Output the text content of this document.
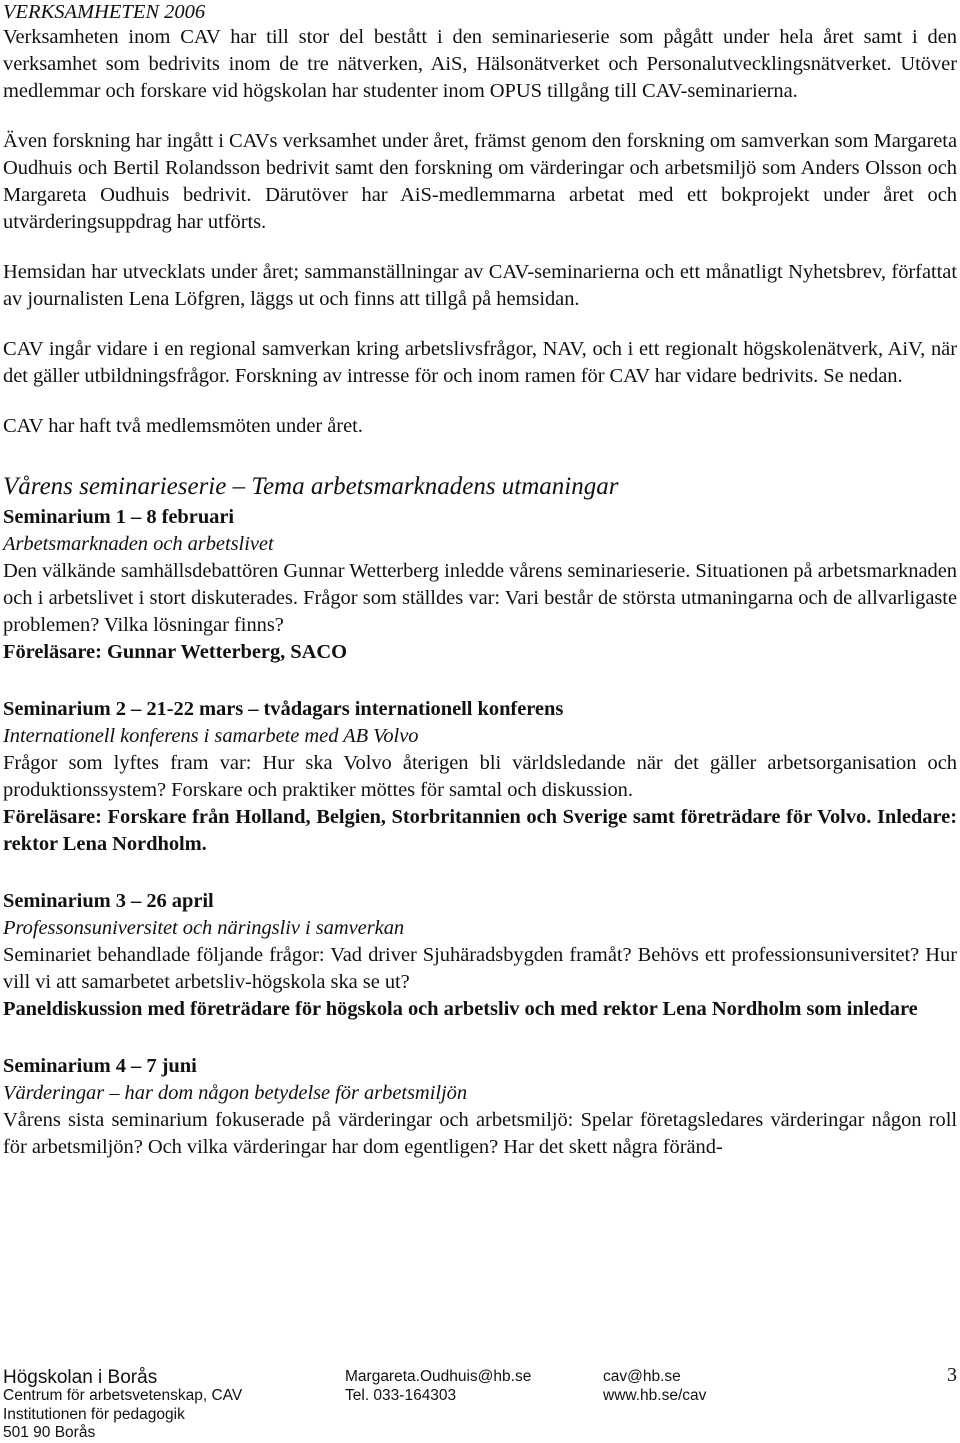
VERKSAMHETEN 2006

Verksamheten inom CAV har till stor del bestått i den seminarieserie som pågått under hela året samt i den verksamhet som bedrivits inom de tre nätverken, AiS, Hälsonätverket och Personalutvecklingsnätverket. Utöver medlemmar och forskare vid högskolan har studenter inom OPUS tillgång till CAV-seminarierna.

Även forskning har ingått i CAVs verksamhet under året, främst genom den forskning om samverkan som Margareta Oudhuis och Bertil Rolandsson bedrivit samt den forskning om värderingar och arbetsmiljö som Anders Olsson och Margareta Oudhuis bedrivit. Därutöver har AiS-medlemmarna arbetat med ett bokprojekt under året och utvärderingsuppdrag har utförts.

Hemsidan har utvecklats under året; sammanställningar av CAV-seminarierna och ett månatligt Nyhetsbrev, författat av journalisten Lena Löfgren, läggs ut och finns att tillgå på hemsidan.

CAV ingår vidare i en regional samverkan kring arbetslivsfrågor, NAV, och i ett regionalt högskolenätverk, AiV, när det gäller utbildningsfrågor. Forskning av intresse för och inom ramen för CAV har vidare bedrivits. Se nedan.

CAV har haft två medlemsmöten under året.

Vårens seminarieserie – Tema arbetsmarknadens utmaningar

Seminarium 1 – 8 februari

Arbetsmarknaden och arbetslivet

Den välkände samhällsdebattören Gunnar Wetterberg inledde vårens seminarieserie. Situationen på arbetsmarknaden och i arbetslivet i stort diskuterades. Frågor som ställdes var: Vari består de största utmaningarna och de allvarligaste problemen? Vilka lösningar finns?

Föreläsare: Gunnar Wetterberg, SACO

Seminarium 2 – 21-22 mars – tvådagars internationell konferens

Internationell konferens i samarbete med AB Volvo

Frågor som lyftes fram var: Hur ska Volvo återigen bli världsledande när det gäller arbetsorganisation och produktionssystem? Forskare och praktiker möttes för samtal och diskussion.

Föreläsare: Forskare från Holland, Belgien, Storbritannien och Sverige samt företrädare för Volvo. Inledare: rektor Lena Nordholm.

Seminarium 3 – 26 april

Professonsuniversitet och näringsliv i samverkan

Seminariet behandlade följande frågor: Vad driver Sjuhäradsbygden framåt? Behövs ett professionsuniversitet? Hur vill vi att samarbetet arbetsliv-högskola ska se ut?

Paneldiskussion med företrädare för högskola och arbetsliv och med rektor Lena Nordholm som inledare

Seminarium 4 – 7 juni

Värderingar – har dom någon betydelse för arbetsmiljön

Vårens sista seminarium fokuserade på värderingar och arbetsmiljö: Spelar företagsledares värderingar någon roll för arbetsmiljön? Och vilka värderingar har dom egentligen? Har det skett några föränd-

Högskolan i Borås
Centrum för arbetsvetenskap, CAV
Institutionen för pedagogik
501 90 Borås
Margareta.Oudhuis@hb.se
Tel. 033-164303
cav@hb.se
www.hb.se/cav
3
